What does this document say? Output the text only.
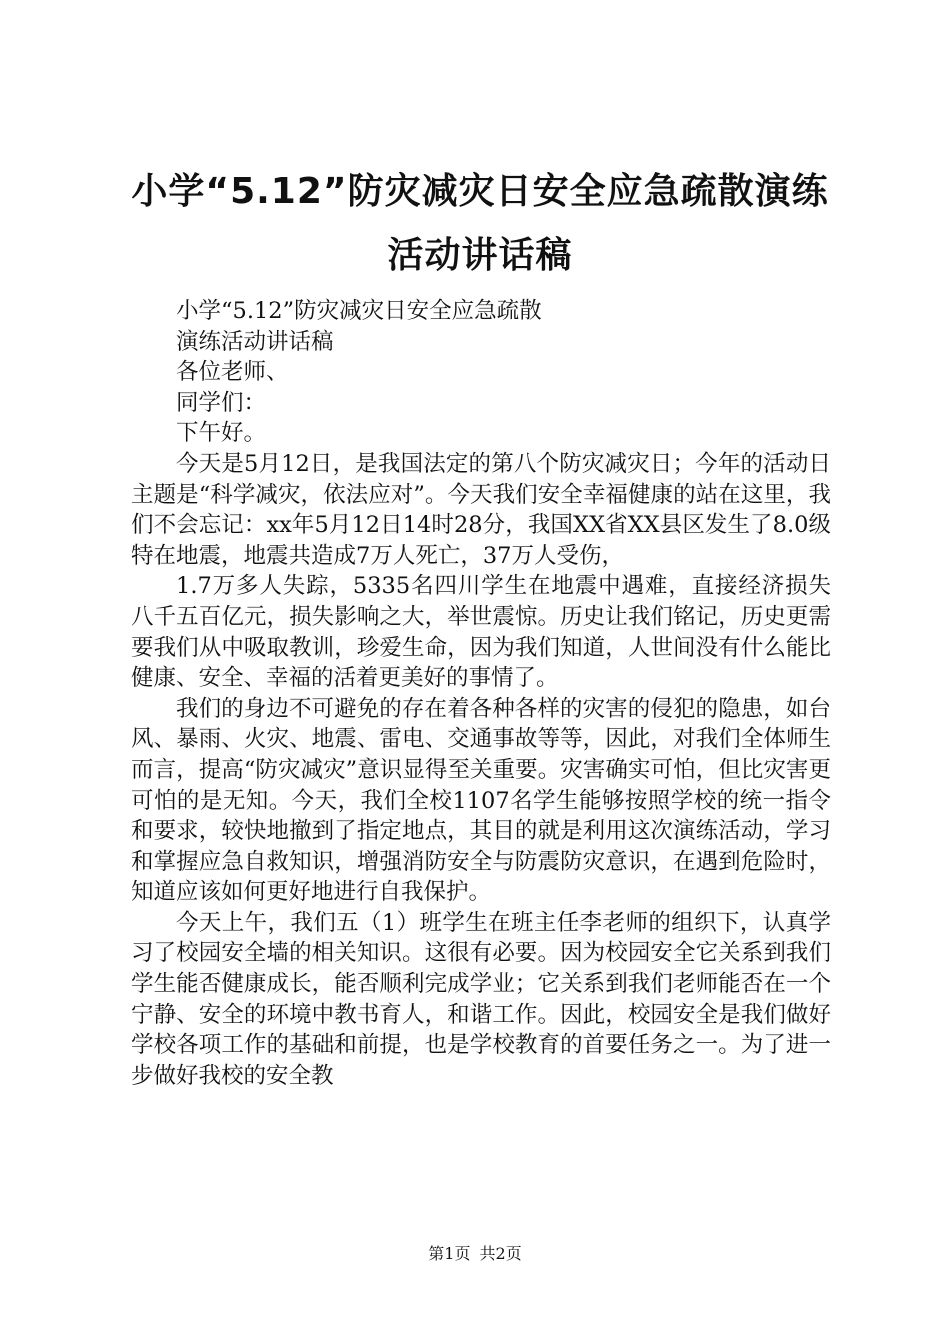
小学“5.12”防灾减灾日安全应急疏散演练活动讲话稿

小学“5.12”防灾减灾日安全应急疏散

演练活动讲话稿

各位老师、

同学们：

下午好。

今天是5月12日，是我国法定的第八个防灾减灾日；今年的活动日主题是“科学减灾，依法应对”。今天我们安全幸福健康的站在这里，我们不会忘记：xx年5月12日14时28分，我国XX省XX县区发生了8.0级特在地震，地震共造成7万人死亡，37万人受伤，

1.7万多人失踪，5335名四川学生在地震中遇难，直接经济损失八千五百亿元，损失影响之大，举世震惊。历史让我们铭记，历史更需要我们从中吸取教训，珍爱生命，因为我们知道，人世间没有什么能比健康、安全、幸福的活着更美好的事情了。

我们的身边不可避免的存在着各种各样的灾害的侵犯的隐患，如台风、暴雨、火灾、地震、雷电、交通事故等等，因此，对我们全体师生而言，提高“防灾减灾”意识显得至关重要。灾害确实可怕，但比灾害更可怕的是无知。今天，我们全校1107名学生能够按照学校的统一指令和要求，较快地撤到了指定地点，其目的就是利用这次演练活动，学习和掌握应急自救知识，增强消防安全与防震防灾意识，在遇到危险时，知道应该如何更好地进行自我保护。

今天上午，我们五（1）班学生在班主任李老师的组织下，认真学习了校园安全墙的相关知识。这很有必要。因为校园安全它关系到我们学生能否健康成长，能否顺利完成学业；它关系到我们老师能否在一个宁静、安全的环境中教书育人，和谐工作。因此，校园安全是我们做好学校各项工作的基础和前提，也是学校教育的首要任务之一。为了进一步做好我校的安全教

第1页 共2页
